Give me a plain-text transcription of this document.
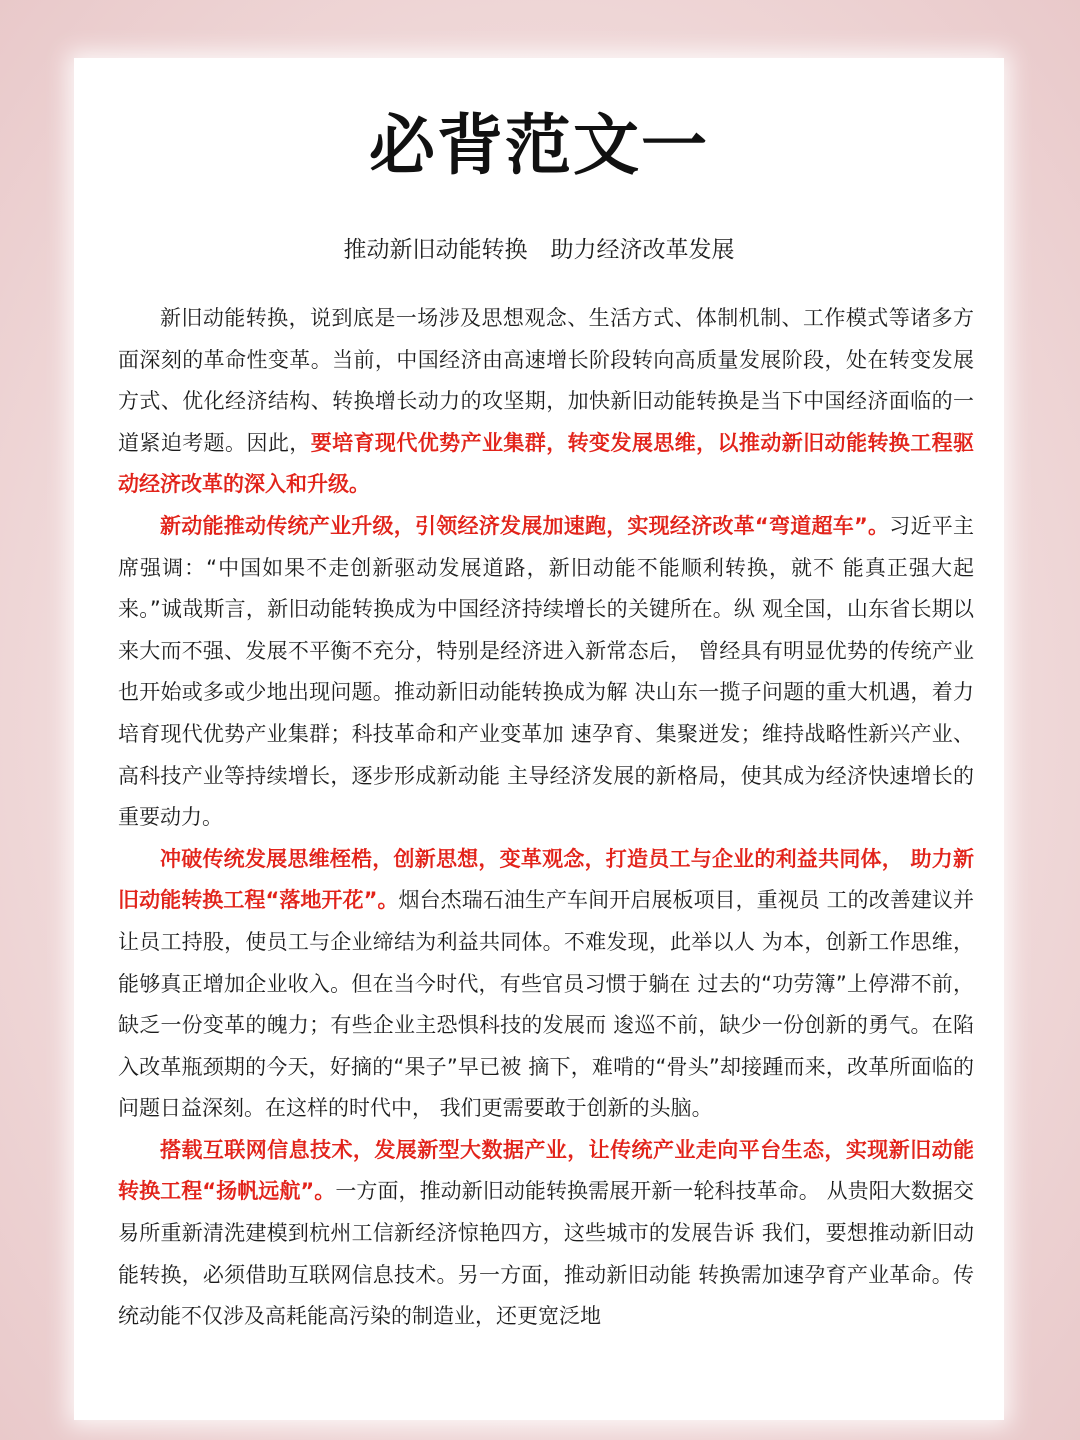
必背范文一
推动新旧动能转换　助力经济改革发展

新旧动能转换，说到底是一场涉及思想观念、生活方式、体制机制、工作模式等诸多方面深刻的革命性变革。当前，中国经济由高速增长阶段转向高质量发展阶段，处在转变发展方式、优化经济结构、转换增长动力的攻坚期，加快新旧动能转换是当下中国经济面临的一道紧迫考题。因此，要培育现代优势产业集群，转变发展思维，以推动新旧动能转换工程驱动经济改革的深入和升级。

新动能推动传统产业升级，引领经济发展加速跑，实现经济改革“弯道超车”。习近平主席强调：“中国如果不走创新驱动发展道路，新旧动能不能顺利转换，就不 能真正强大起来。”诚哉斯言，新旧动能转换成为中国经济持续增长的关键所在。纵 观全国，山东省长期以来大而不强、发展不平衡不充分，特别是经济进入新常态后， 曾经具有明显优势的传统产业也开始或多或少地出现问题。推动新旧动能转换成为解 决山东一揽子问题的重大机遇，着力培育现代优势产业集群；科技革命和产业变革加 速孕育、集聚迸发；维持战略性新兴产业、高科技产业等持续增长，逐步形成新动能 主导经济发展的新格局，使其成为经济快速增长的重要动力。

冲破传统发展思维桎梏，创新思想，变革观念，打造员工与企业的利益共同体， 助力新旧动能转换工程“落地开花”。烟台杰瑞石油生产车间开启展板项目，重视员 工的改善建议并让员工持股，使员工与企业缔结为利益共同体。不难发现，此举以人 为本，创新工作思维，能够真正增加企业收入。但在当今时代，有些官员习惯于躺在 过去的“功劳簿”上停滞不前，缺乏一份变革的魄力；有些企业主恐惧科技的发展而 逡巡不前，缺少一份创新的勇气。在陷入改革瓶颈期的今天，好摘的“果子”早已被 摘下，难啃的“骨头”却接踵而来，改革所面临的问题日益深刻。在这样的时代中， 我们更需要敢于创新的头脑。

搭载互联网信息技术，发展新型大数据产业，让传统产业走向平台生态，实现新旧动能转换工程“扬帆远航”。一方面，推动新旧动能转换需展开新一轮科技革命。 从贵阳大数据交易所重新清洗建模到杭州工信新经济惊艳四方，这些城市的发展告诉 我们，要想推动新旧动能转换，必须借助互联网信息技术。另一方面，推动新旧动能 转换需加速孕育产业革命。传统动能不仅涉及高耗能高污染的制造业，还更宽泛地
